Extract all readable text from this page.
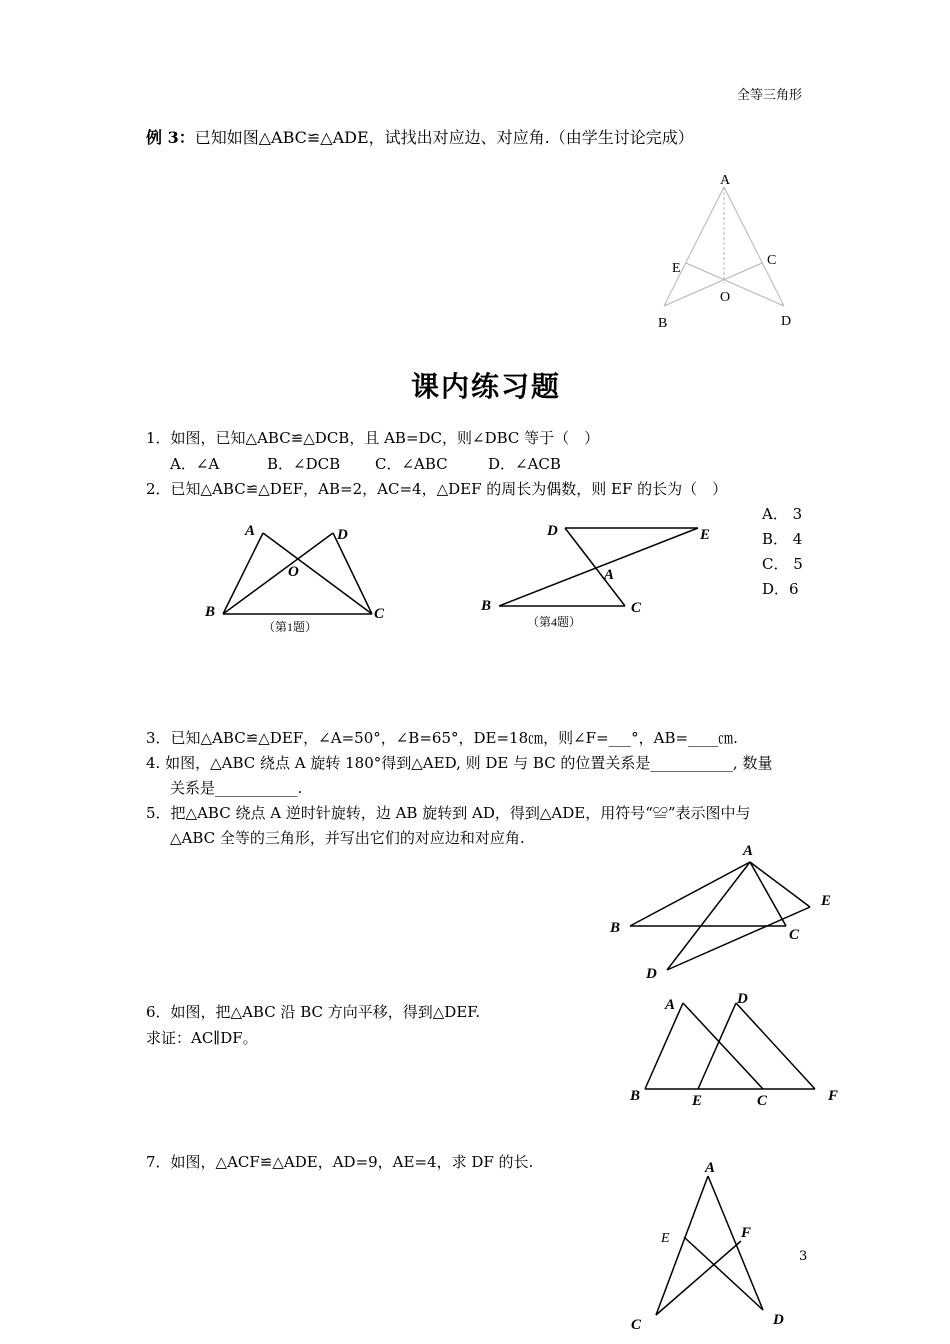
全等三角形
例 3：已知如图△ABC≌△ADE，试找出对应边、对应角.（由学生讨论完成）
A
B
C
D
E
O
课内练习题
1．如图，已知△ABC≌△DCB，且 AB=DC，则∠DBC 等于（　）
A．∠A	B．∠DCB C．∠ABC	D．∠ACB
2．已知△ABC≌△DEF，AB=2，AC=4，△DEF 的周长为偶数，则 EF 的长为（　）
A． 3
B． 4
C． 5
D．6
A	D
O
B	C
（第1题）
D	E
A
B	C
（第4题）
3．已知△ABC≌△DEF，∠A=50°，∠B=65°，DE=18㎝，则∠F=___°，AB=____㎝.
4. 如图，△ABC 绕点 A 旋转 180°得到△AED, 则 DE 与 BC 的位置关系是___________, 数量
关系是___________.
5．把△ABC 绕点 A 逆时针旋转，边 AB 旋转到 AD，得到△ADE，用符号“≌”表示图中与
△ABC 全等的三角形，并写出它们的对应边和对应角.
A
B	C
D
E
6．如图，把△ABC 沿 BC 方向平移，得到△DEF.
求证：AC∥DF。
A	D
B	E	C	F
7．如图，△ACF≌△ADE，AD=9，AE=4，求 DF 的长.	A
E	F
C	D
3
